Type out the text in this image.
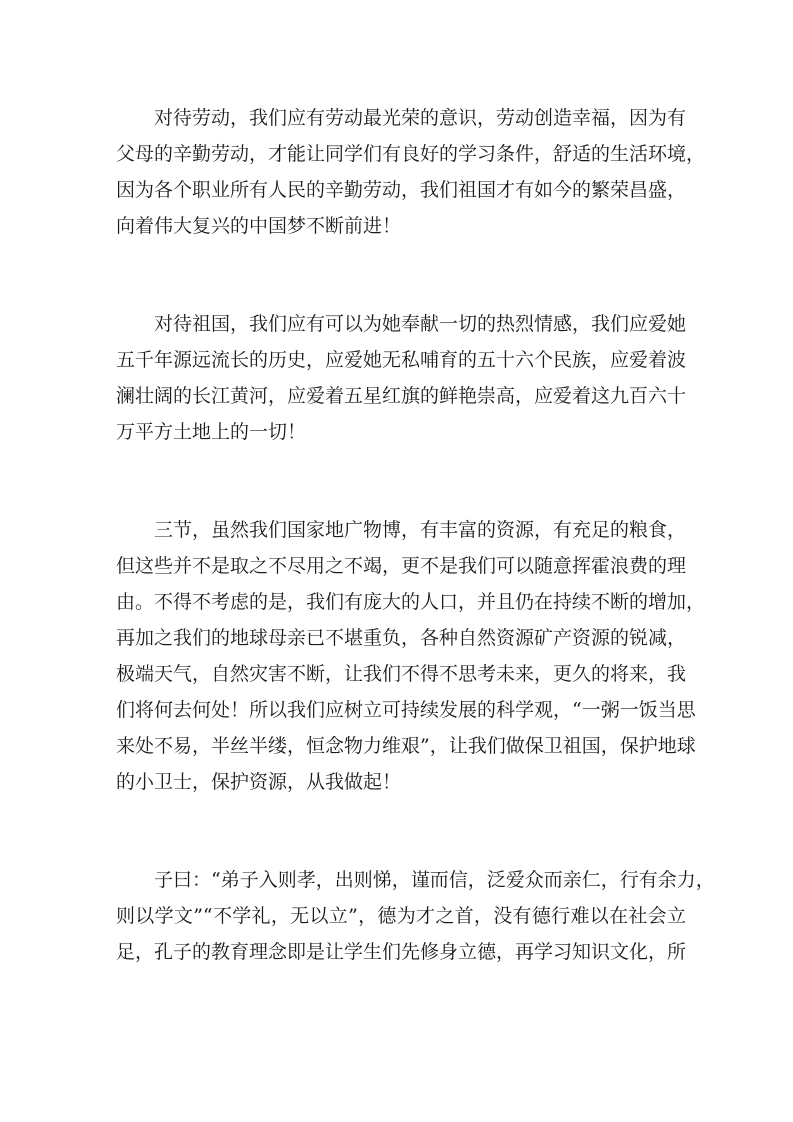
对待劳动，我们应有劳动最光荣的意识，劳动创造幸福，因为有
父母的辛勤劳动，才能让同学们有良好的学习条件，舒适的生活环境，
因为各个职业所有人民的辛勤劳动，我们祖国才有如今的繁荣昌盛，
向着伟大复兴的中国梦不断前进！
对待祖国，我们应有可以为她奉献一切的热烈情感，我们应爱她
五千年源远流长的历史，应爱她无私哺育的五十六个民族，应爱着波
澜壮阔的长江黄河，应爱着五星红旗的鲜艳崇高，应爱着这九百六十
万平方土地上的一切！
三节，虽然我们国家地广物博，有丰富的资源，有充足的粮食，
但这些并不是取之不尽用之不竭，更不是我们可以随意挥霍浪费的理
由。不得不考虑的是，我们有庞大的人口，并且仍在持续不断的增加，
再加之我们的地球母亲已不堪重负，各种自然资源矿产资源的锐减，
极端天气，自然灾害不断，让我们不得不思考未来，更久的将来，我
们将何去何处！所以我们应树立可持续发展的科学观，“一粥一饭当思
来处不易，半丝半缕，恒念物力维艰”，让我们做保卫祖国，保护地球
的小卫士，保护资源，从我做起！
子曰：“弟子入则孝，出则悌，谨而信，泛爱众而亲仁，行有余力，
则以学文”“不学礼，无以立”，德为才之首，没有德行难以在社会立
足，孔子的教育理念即是让学生们先修身立德，再学习知识文化，所
